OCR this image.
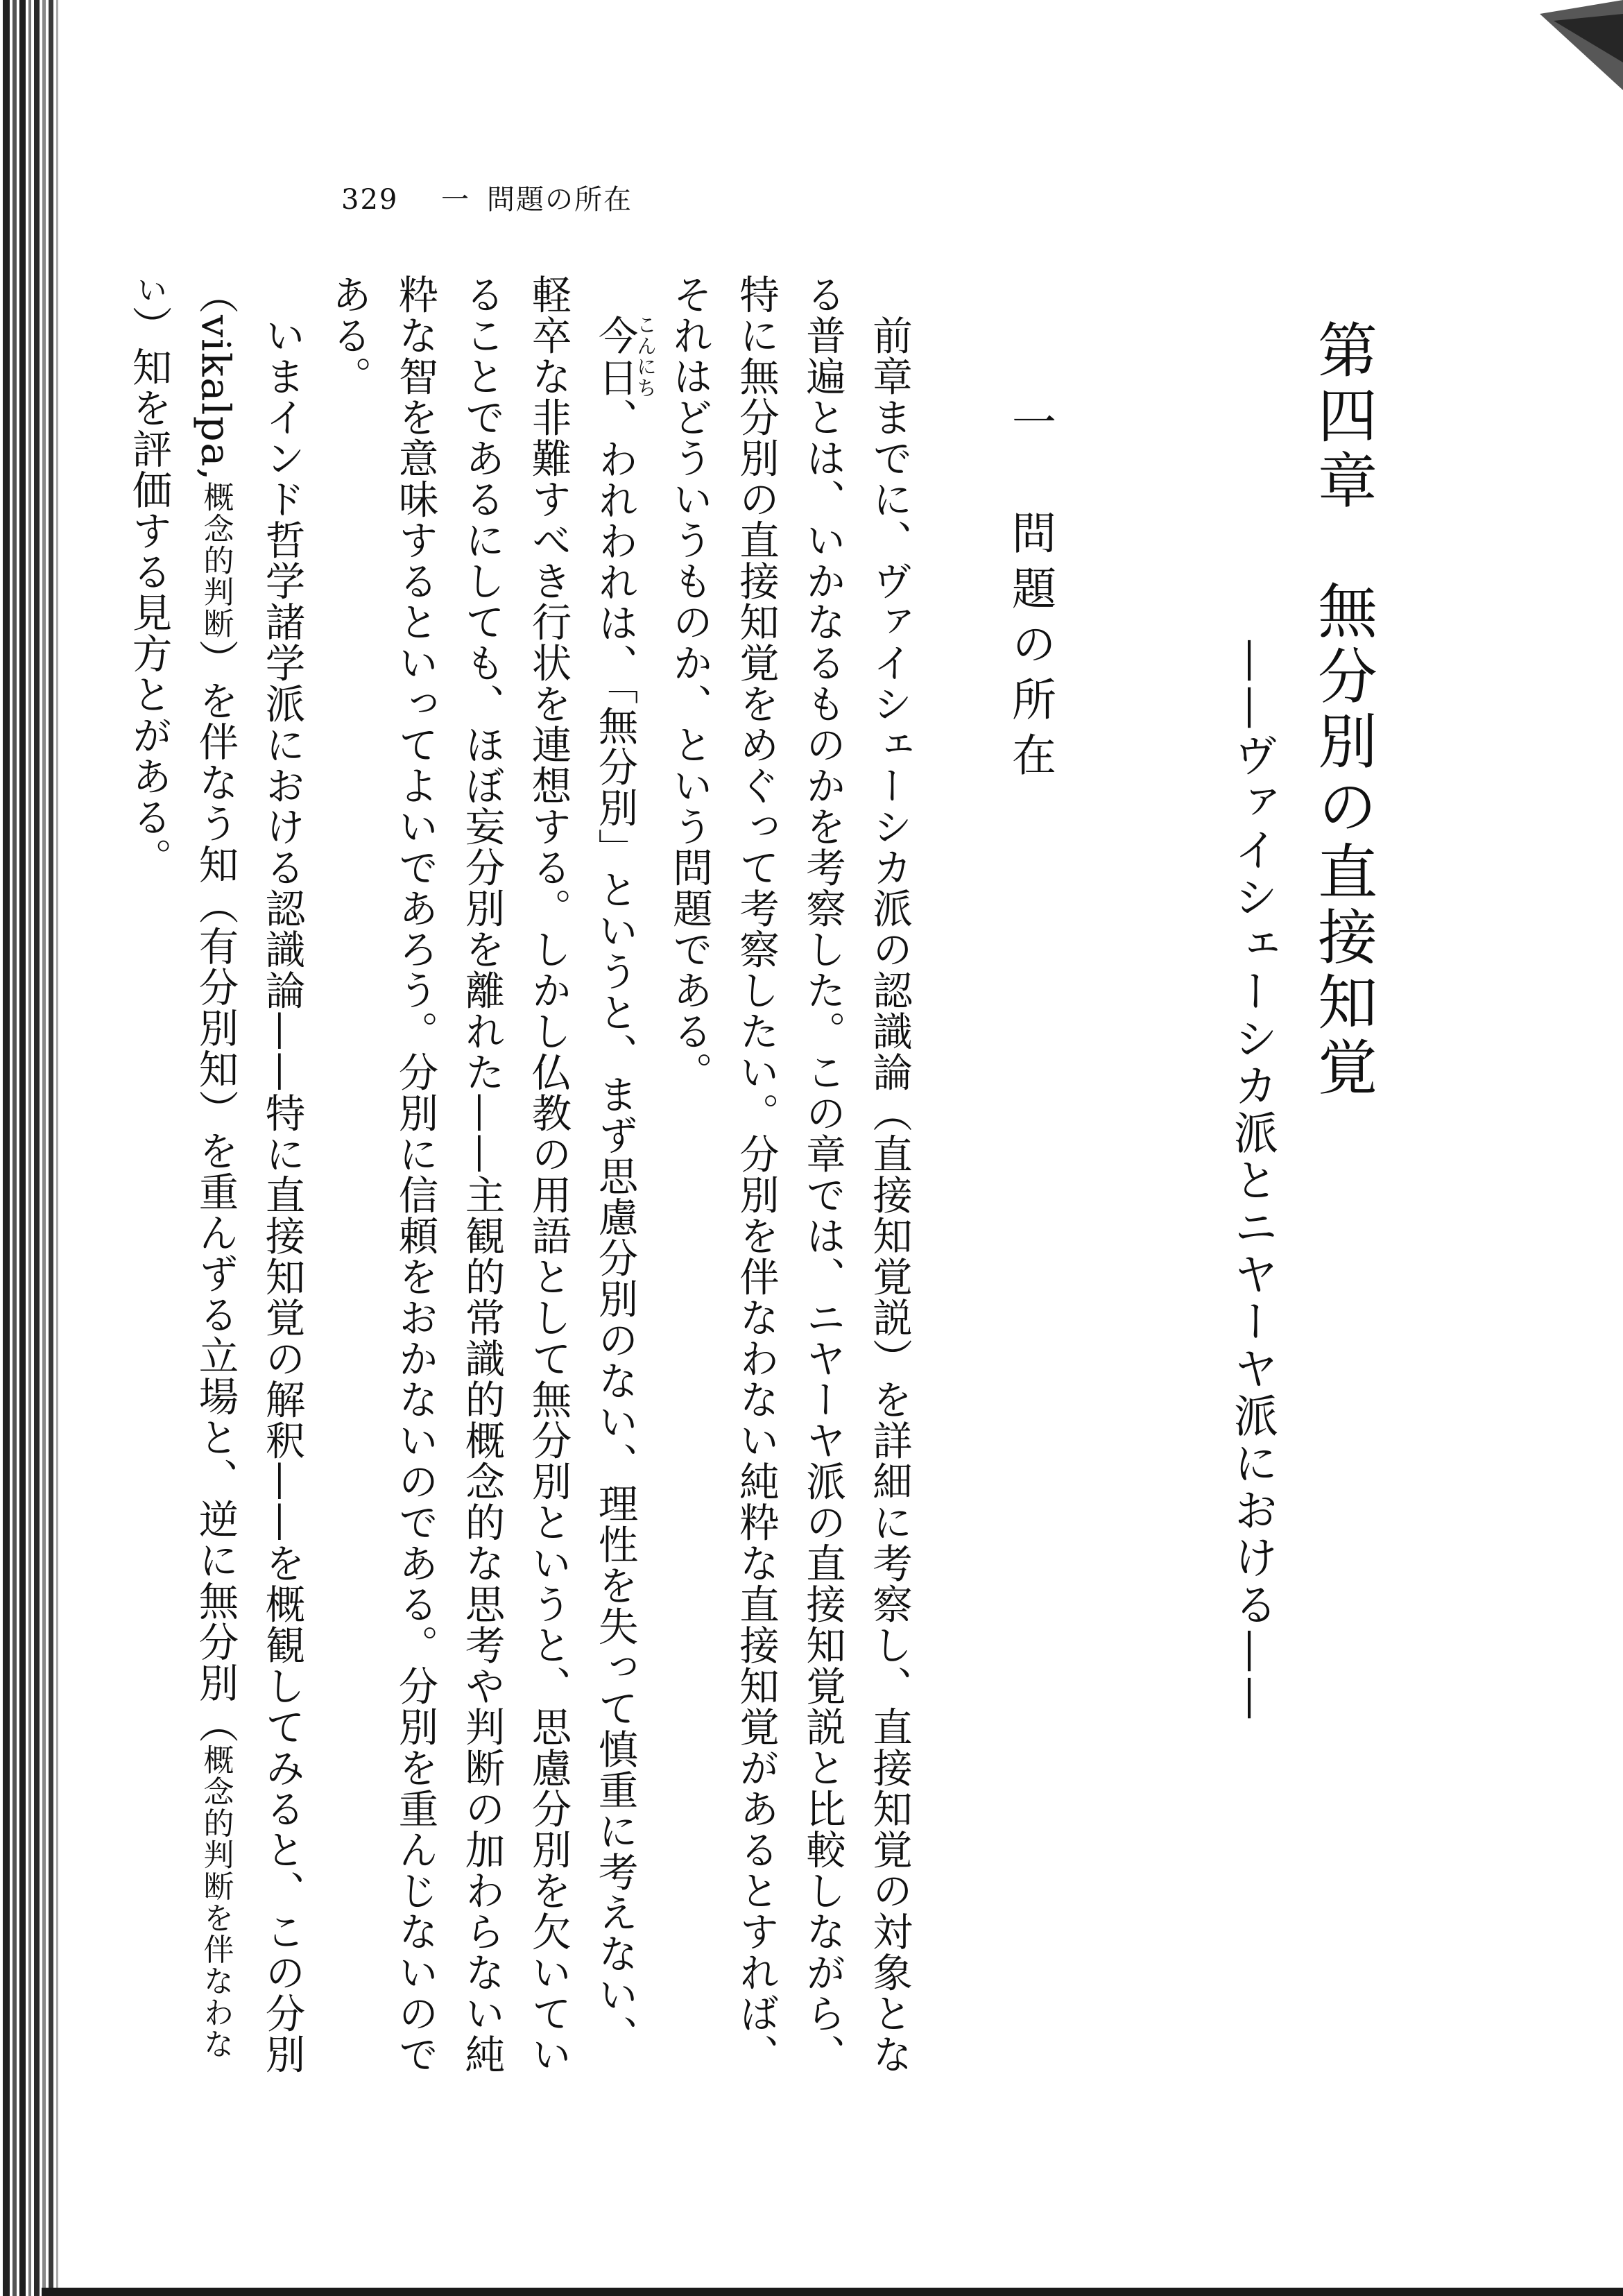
329 一 問題の所在
第四章　無分別の直接知覚
——ヴァイシェーシカ派とニヤーヤ派における——
一　問題の所在

　前章までに、ヴァイシェーシカ派の認識論（直接知覚説）を詳細に考察し、直接知覚の対象となる普遍とは、いかなるものかを考察した。この章では、ニヤーヤ派の直接知覚説と比較しながら、特に無分別の直接知覚をめぐって考察したい。分別を伴なわない純粋な直接知覚があるとすれば、それはどういうものか、という問題である。

　今日こんにち、われわれは、「無分別」というと、まず思慮分別のない、理性を失って慎重に考えない、軽卒な非難すべき行状を連想する。しかし仏教の用語として無分別というと、思慮分別を欠いていることであるにしても、ほぼ妄分別を離れた——主観的常識的概念的な思考や判断の加わらない純粋な智を意味するといってよいであろう。分別に信頼をおかないのである。分別を重んじないのである。

　いまインド哲学諸学派における認識論——特に直接知覚の解釈——を概観してみると、この分別（vikalpa,概念的判断）を伴なう知（有分別知）を重んずる立場と、逆に無分別（概念的判断を伴なわない）知を評価する見方とがある。
